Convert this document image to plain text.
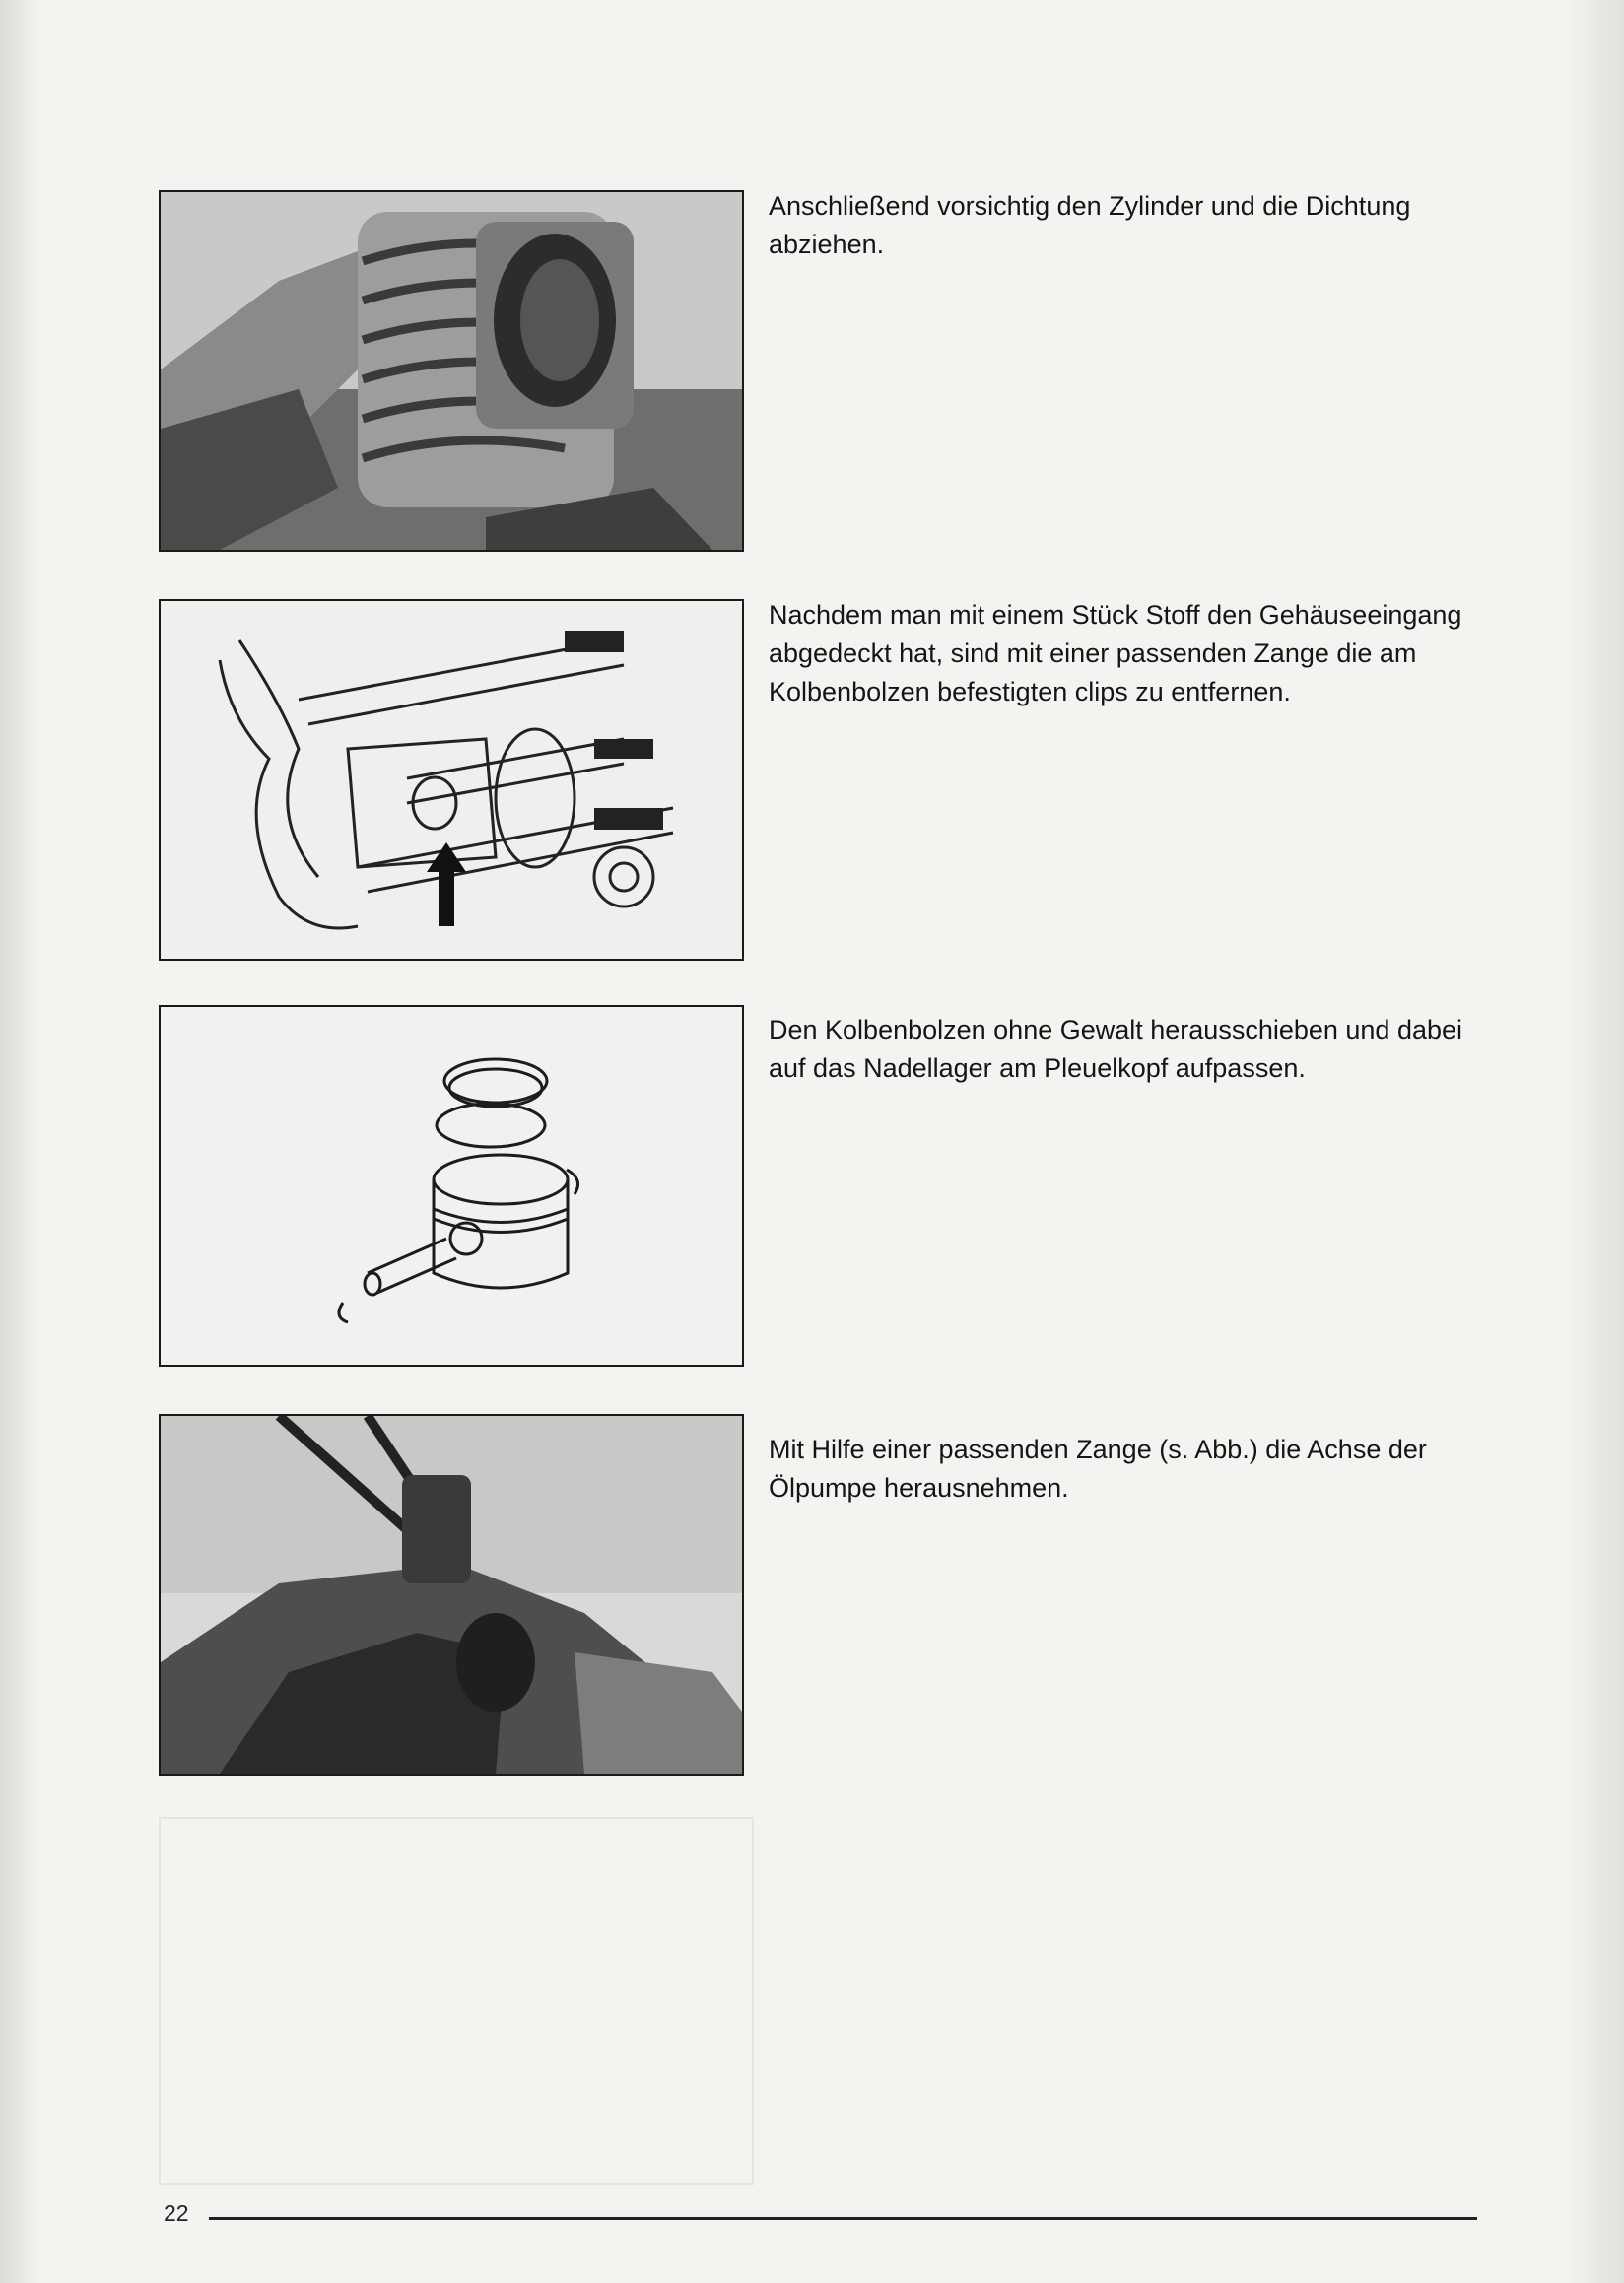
Anschließend vorsichtig den Zylinder und die Dichtung abziehen.
Nachdem man mit einem Stück Stoff den Gehäuseeingang abgedeckt hat, sind mit einer passenden Zange die am Kolbenbolzen befestigten clips zu entfernen.
Den Kolbenbolzen ohne Gewalt herausschieben und dabei auf das Nadellager am Pleuelkopf aufpassen.
Mit Hilfe einer passenden Zange (s. Abb.) die Achse der Ölpumpe herausnehmen.
22
